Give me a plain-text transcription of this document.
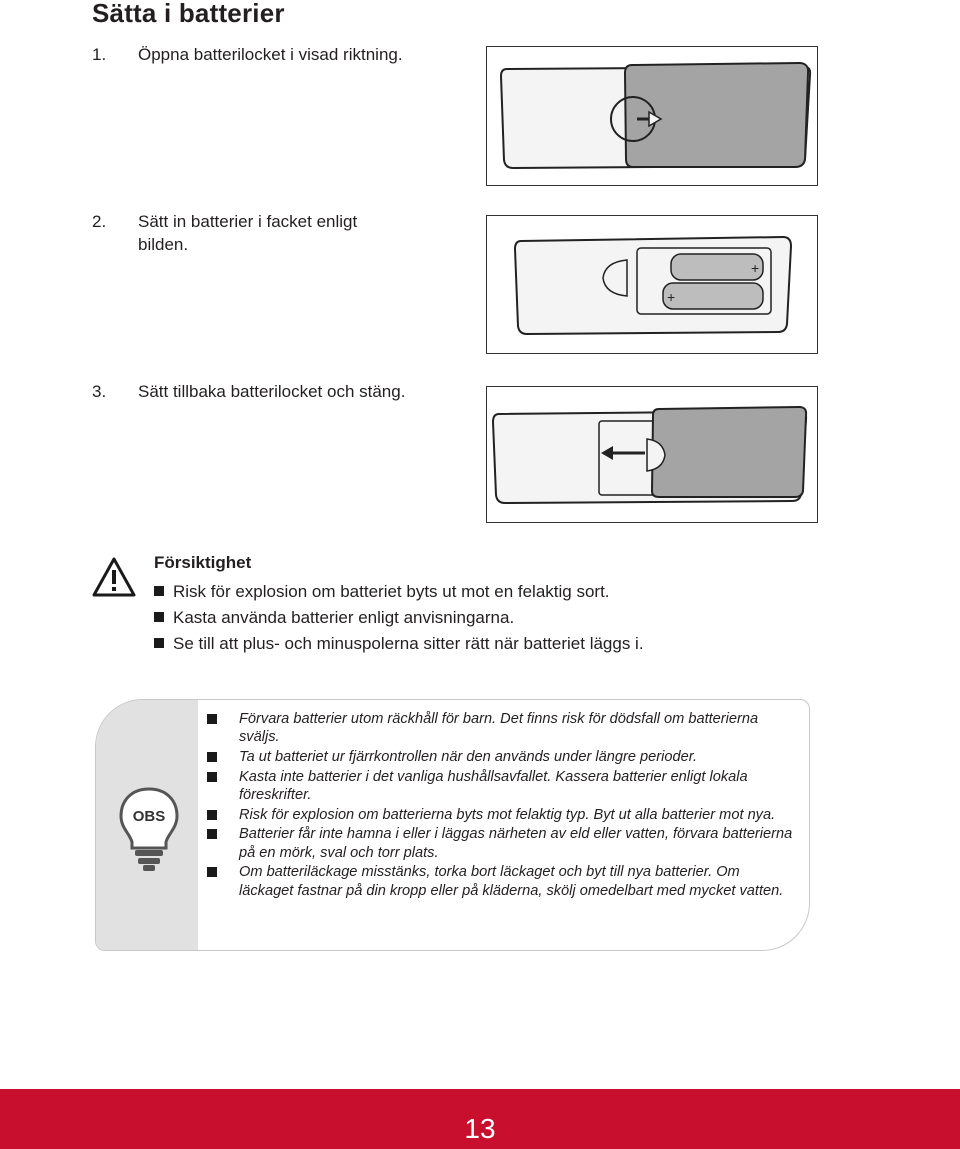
Sätta i batterier
1. Öppna batterilocket i visad riktning.
2. Sätt in batterier i facket enligt bilden.
+
+
3. Sätt tillbaka batterilocket och stäng.
Försiktighet
Risk för explosion om batteriet byts ut mot en felaktig sort.
Kasta använda batterier enligt anvisningarna.
Se till att plus- och minuspolerna sitter rätt när batteriet läggs i.
OBS
Förvara batterier utom räckhåll för barn. Det finns risk för dödsfall om batterierna sväljs.
Ta ut batteriet ur fjärrkontrollen när den används under längre perioder.
Kasta inte batterier i det vanliga hushållsavfallet. Kassera batterier enligt lokala föreskrifter.
Risk för explosion om batterierna byts mot felaktig typ. Byt ut alla batterier mot nya.
Batterier får inte hamna i eller i läggas närheten av eld eller vatten, förvara batterierna på en mörk, sval och torr plats.
Om batteriläckage misstänks, torka bort läckaget och byt till nya batterier. Om läckaget fastnar på din kropp eller på kläderna, skölj omedelbart med mycket vatten.
13
